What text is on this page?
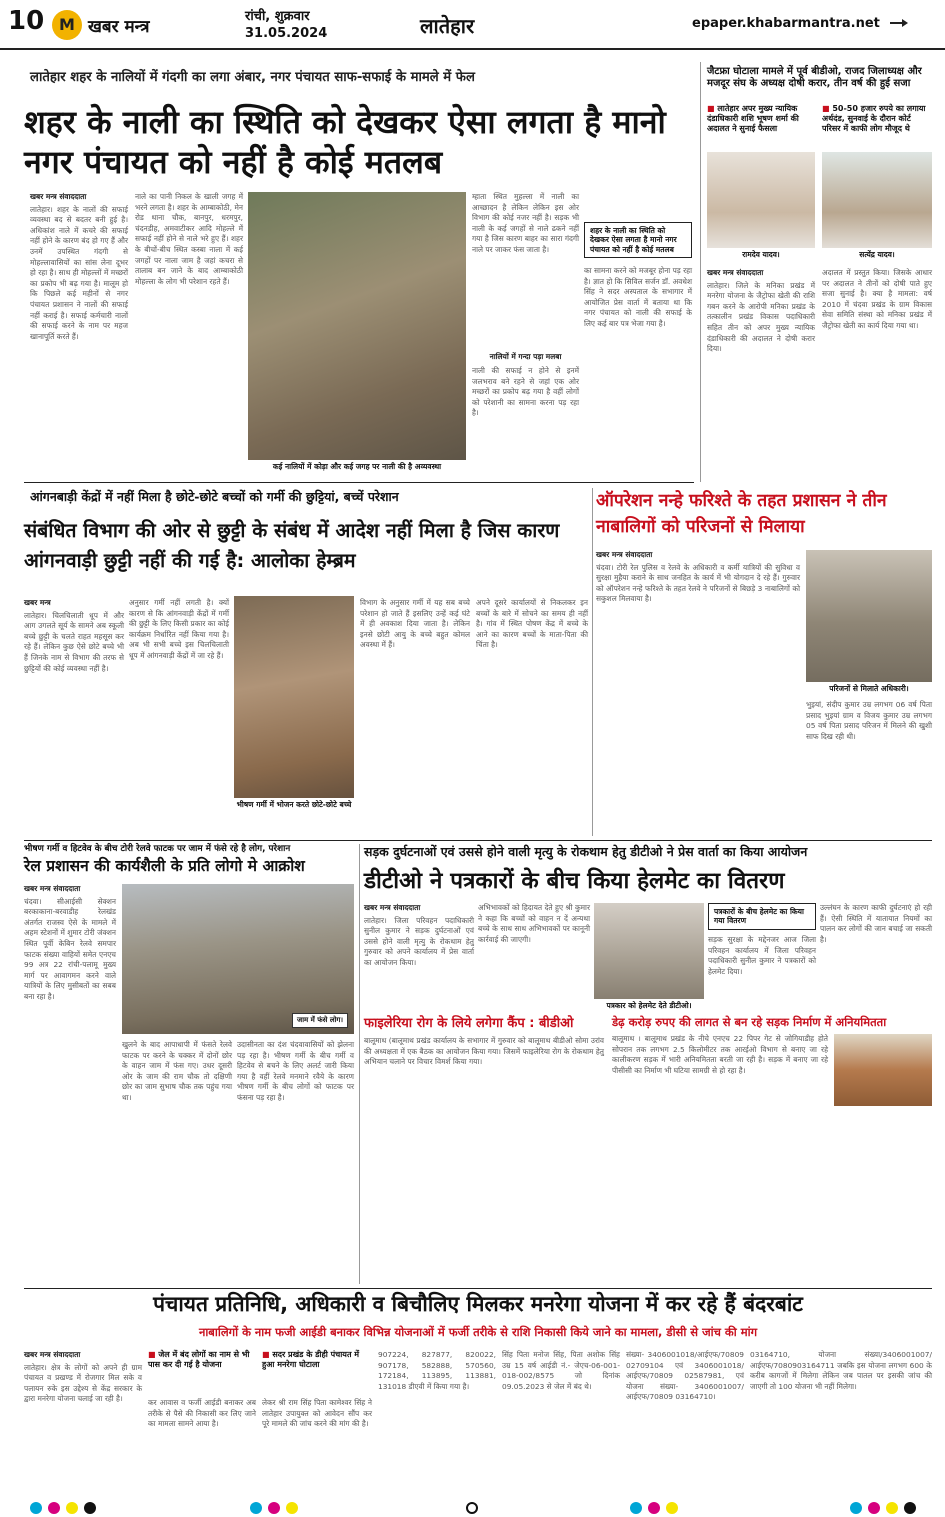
10
M	खबर मन्त्र
रांची, शुक्रवार
31.05.2024	लातेहार	epaper.khabarmantra.net
लातेहार शहर के नालियों में गंदगी का लगा अंबार, नगर पंचायत साफ-सफाई के मामले में फेल
शहर के नाली का स्थिति को देखकर ऐसा लगता है मानो नगर पंचायत को नहीं है कोई मतलब
खबर मन्त्र संवाददाता
लातेहार। शहर के नालों की सफाई व्यवस्था बद से बदतर बनी हुई है। अधिकांश नाले में कचरे की सफाई नहीं होने के कारण बंद हो गए हैं और उनमें उपस्थित गंदगी से मोहल्लावासियों का सांस लेना दूभर हो रहा है। साथ ही मोहल्लों में मच्छरों का प्रकोप भी बढ़ गया है। मालूम हो कि पिछले कई महीनों से नगर पंचायत प्रशासन ने नालों की सफाई नहीं कराई है। सफाई कर्मचारी नालों की सफाई करने के नाम पर महज खानापूर्ति करते हैं।
नाले का पानी निकल के खाली जगह में भरने लगता है। शहर के आम्बाकोठी, मेन रोड थाना चौक, बानपुर, धरमपुर, चंदनडीह, अमवाटीकर आदि मोहल्ले में सफाई नहीं होने से नाले भरे हुए हैं। शहर के बीचों-बीच स्थित कस्बा नाला में कई जगहों पर नाला जाम है जहां कचरा से तालाब बन जाने के बाद आम्बाकोठी मोहल्ला के लोग भी परेशान रहते हैं।
कई नालियों में कोड़ा और कई जगह पर नाली की है अव्यवस्था
म्हाता स्थित मुहल्ला में नाली का आच्छादन है लेकिन लेकिन इस ओर विभाग की कोई नजर नहीं है। सड़क भी नाली के कई जगहों से नाले ढकने नहीं गया है जिस कारण बाहर का सारा गंदगी नाले पर जाकर फंस जाता है।
नालियों में गन्दा पड़ा मलबा
नाली की सफाई न होने से इनमें जलभराव बने रहने से जहां एक ओर मच्छरों का प्रकोप बढ़ गया है वहीं लोगों को परेशानी का सामना करना पड़ रहा है।
शहर के नाली का स्थिति को देखकर ऐसा लगता है मानो नगर पंचायत को नहीं है कोई मतलब
का सामना करने को मजबूर होना पड़ रहा है। ज्ञात हो कि सिविल सर्जन डॉ. अवधेश सिंह ने सदर अस्पताल के सभागार में आयोजित प्रेस वार्ता में बताया था कि नगर पंचायत को नाली की सफाई के लिए कई बार पत्र भेजा गया है।
जैटफ्रा घोटाला मामले में पूर्व बीडीओ, राजद जिलाध्यक्ष और मजदूर संघ के अध्यक्ष दोषी करार, तीन वर्ष की हुई सजा
■ लातेहार अपर मुख्य न्यायिक दंडाधिकारी शशि भूषण शर्मा की अदालत ने सुनाई फैसला
■ 50-50 हजार रुपये का लगाया अर्थदंड, सुनवाई के दौरान कोर्ट परिसर में काफी लोग मौजूद थे
रामदेव यादव।	सत्येंद्र यादव।
खबर मन्त्र संवाददाता
लातेहार। जिले के मनिका प्रखंड में मनरेगा योजना के जैट्रोफा खेती की राशि गबन करने के आरोपी मनिका प्रखंड के तत्कालीन प्रखंड विकास पदाधिकारी सहित तीन को अपर मुख्य न्यायिक दंडाधिकारी की अदालत ने दोषी करार दिया।
अदालत में प्रस्तुत किया। जिसके आधार पर अदालत ने तीनों को दोषी पाते हुए सजा सुनाई है। क्या है मामला: वर्ष 2010 में चंदवा प्रखंड के ग्राम विकास सेवा समिति संस्था को मनिका प्रखंड में जैट्रोफा खेती का कार्य दिया गया था।
आंगनबाड़ी केंद्रों में नहीं मिला है छोटे-छोटे बच्चों को गर्मी की छुट्टियां, बच्चें परेशान
संबंधित विभाग की ओर से छुट्टी के संबंध में आदेश नहीं मिला है जिस कारण आंगनवाड़ी छुट्टी नहीं की गई है: आलोका हेम्ब्रम
खबर मन्त्र
लातेहार। चिलचिलाती धूप में और आग उगलते सूर्य के सामने अब स्कूली बच्चे छुट्टी के चलते राहत महसूस कर रहे हैं। लेकिन कुछ ऐसे छोटे बच्चे भी हैं जिनके नाम से विभाग की तरफ से छुट्टियों की कोई व्यवस्था नहीं है।
अनुसार गर्मी नहीं लगती है। क्यों कारण से कि आंगनवाड़ी केंद्रों में गर्मी की छुट्टी के लिए किसी प्रकार का कोई कार्यक्रम निर्धारित नहीं किया गया है। अब भी सभी बच्चे इस चिलचिलाती धूप में आंगनवाड़ी केंद्रों में जा रहे हैं।
भीषण गर्मी में भोजन करते छोटे-छोटे बच्चे
विभाग के अनुसार गर्मी में यह सब बच्चे परेशान हो जाते हैं इसलिए उन्हें कई घंटे में ही अवकाश दिया जाता है। लेकिन इनसे छोटी आयु के बच्चे बहुत कोमल अवस्था में हैं।
अपने दूसरे कार्यालयों से निकलकर इन बच्चों के बारे में सोचने का समय ही नहीं है। गांव में स्थित पोषण केंद्र में बच्चे के आने का कारण बच्चों के माता-पिता की चिंता है।
ऑपरेशन नन्हे फरिश्ते के तहत प्रशासन ने तीन नाबालिगों को परिजनों से मिलाया
खबर मन्त्र संवाददाता
चंदवा। टोरी रेल पुलिस व रेलवे के अधिकारी व कर्मी यात्रियों की सुविधा व सुरक्षा मुहैया कराने के साथ जनहित के कार्य में भी योगदान दे रहे हैं। गुरुवार को ऑपरेशन नन्हे फरिश्ते के तहत रेलवे ने परिजनों से बिछड़े 3 नाबालिगों को सकुशल मिलवाया है।
परिजनों से मिलाते अधिकारी।
भुइयां, संदीप कुमार उम्र लगभग 06 वर्ष पिता प्रसाद भुइयां ग्राम व विजय कुमार उम्र लगभग 05 वर्ष पिता प्रसाद परिजन में मिलने की खुशी साफ दिख रही थी।
भीषण गर्मी व हिटवेव के बीच टोरी रेलवे फाटक पर जाम में फंसे रहे है लोग, परेशान
रेल प्रशासन की कार्यशैली के प्रति लोगो मे आक्रोश
खबर मन्त्र संवाददाता
चंदवा। सीआईसी सेक्शन बरकाकाना-बरवाडीह रेलखंड अंतर्गत राजस्व ऐसे के मामले में अहम स्टेशनों में शुमार टोरी जंक्शन स्थित पूर्वी केबिन रेलवे समपार फाटक संख्या वाहियों समेत एनएच 99 अत्र 22 रांची-पलामू मुख्य मार्ग पर आवागमन करने वाले यात्रियों के लिए मुसीबतों का सबब बना रहा है।
जाम में फंसे लोग।
खुलने के बाद आपाधापी में फंसते रेलवे फाटक पर करने के चक्कर में दोनों छोर के वाहन जाम में फंस गए। उधर दूसरी ओर के जाम की राम चौक तो दक्षिणी छोर का जाम सुभाष चौक तक पहुंच गया था।
उदासीनता का दंश चंदवावासियों को झेलना पड़ रहा है। भीषण गर्मी के बीच गर्मी व हिटवेव से बचने के लिए अलर्ट जारी किया गया है वहीं रेलवे मनमाने रवैये के कारण भीषण गर्मी के बीच लोगों को फाटक पर फंसना पड़ रहा है।
सड़क दुर्घटनाओं एवं उससे होने वाली मृत्यु के रोकथाम हेतु डीटीओ ने प्रेस वार्ता का किया आयोजन
डीटीओ ने पत्रकारों के बीच किया हेलमेट का वितरण
खबर मन्त्र संवाददाता
लातेहार। जिला परिवहन पदाधिकारी सुनील कुमार ने सड़क दुर्घटनाओं एवं उससे होने वाली मृत्यु के रोकथाम हेतु गुरुवार को अपने कार्यालय में प्रेस वार्ता का आयोजन किया।
अभिभावकों को हिदायत देते हुए श्री कुमार ने कहा कि बच्चों को वाहन न दें अन्यथा बच्चे के साथ साथ अभिभावकों पर कानूनी कार्रवाई की जाएगी।
पत्रकार को हेलमेट देते डीटीओ।
पत्रकारों के बीच हेलमेट का किया गया वितरण
सड़क सुरक्षा के मद्देनजर आज जिला परिवहन कार्यालय में जिला परिवहन पदाधिकारी सुनील कुमार ने पत्रकारों को हेलमेट दिया।
उल्लंघन के कारण काफी दुर्घटनाएं हो रही हैं। ऐसी स्थिति में यातायात नियमों का पालन कर लोगों की जान बचाई जा सकती है।
फाइलेरिया रोग के लिये लगेगा कैंप : बीडीओ
बालूमाथ (बालूमाथ प्रखंड कार्यालय के सभागार में गुरुवार को बालूमाथ बीडीओ सोमा उरांव की अध्यक्षता में एक बैठक का आयोजन किया गया। जिसमें फाइलेरिया रोग के रोकथाम हेतु अभियान चलाने पर विचार विमर्श किया गया।
डेढ़ करोड़ रुपए की लागत से बन रहे सड़क निर्माण में अनियमितता
बालूमाथ । बालूमाथ प्रखंड के नीचे एनएच 22 पिपर गेट से जोगियाडीह होते सोपरान तक लगभग 2.5 किलोमीटर तक आरईओ विभाग से बनाए जा रहे कालीकरण सड़क में भारी अनियमितता बरती जा रही है। सड़क में बनाए जा रहे पीसीसी का निर्माण भी घटिया सामग्री से हो रहा है।
पंचायत प्रतिनिधि, अधिकारी व बिचौलिए मिलकर मनरेगा योजना में कर रहे हैं बंदरबांट
नाबालिगों के नाम फजी आईडी बनाकर विभिन्न योजनाओं में फर्जी तरीके से राशि निकासी किये जाने का मामला, डीसी से जांच की मांग
खबर मन्त्र संवाददाता
लातेहार। क्षेत्र के लोगों को अपने ही ग्राम पंचायत व प्रखण्ड में रोजगार मिल सके व पलायन रुके इस उद्देश्य से केंद्र सरकार के द्वारा मनरेगा योजना चलाई जा रही है।
■ जेल में बंद लोगों का नाम से भी पास कर दी गई है योजना
■ सदर प्रखंड के डीही पंचायत में हुआ मनरेगा घोटाला
कर आवास व फर्जी आईडी बनाकर अब तरीके से पैसे की निकासी कर लिए जाने का मामला सामने आया है।
लेकर श्री राम सिंह पिता कामेश्वर सिंह ने लातेहार उपायुक्त को आवेदन सौंप कर पूरे मामले की जांच करने की मांग की है।
907224, 827877, 820022, 907178, 582888, 570560, 172184, 113895, 113881, 131018 डीएवी में किया गया है।
सिंह पिता मनोज सिंह, पिता अशोक सिंह उम्र 15 वर्ष आईडी नं.- जेएच-06-001-018-002/8575 जो दिनांक 09.05.2023 से जेल में बंद थे।
संख्या- 3406001018/आईएफ/70809 02709104 एवं 3406001018/आईएफ/70809 02587981, एवं योजना संख्या- 3406001007/आईएफ/70809 03164710।
03164710, योजना संख्या/3406001007/आईएफ/7080903164711 जबकि इस योजना लगभग 600 के करीब कागजों में मिलेगा लेकिन जब पातल पर इसकी जांच की जाएगी तो 100 योजना भी नहीं मिलेगा।
